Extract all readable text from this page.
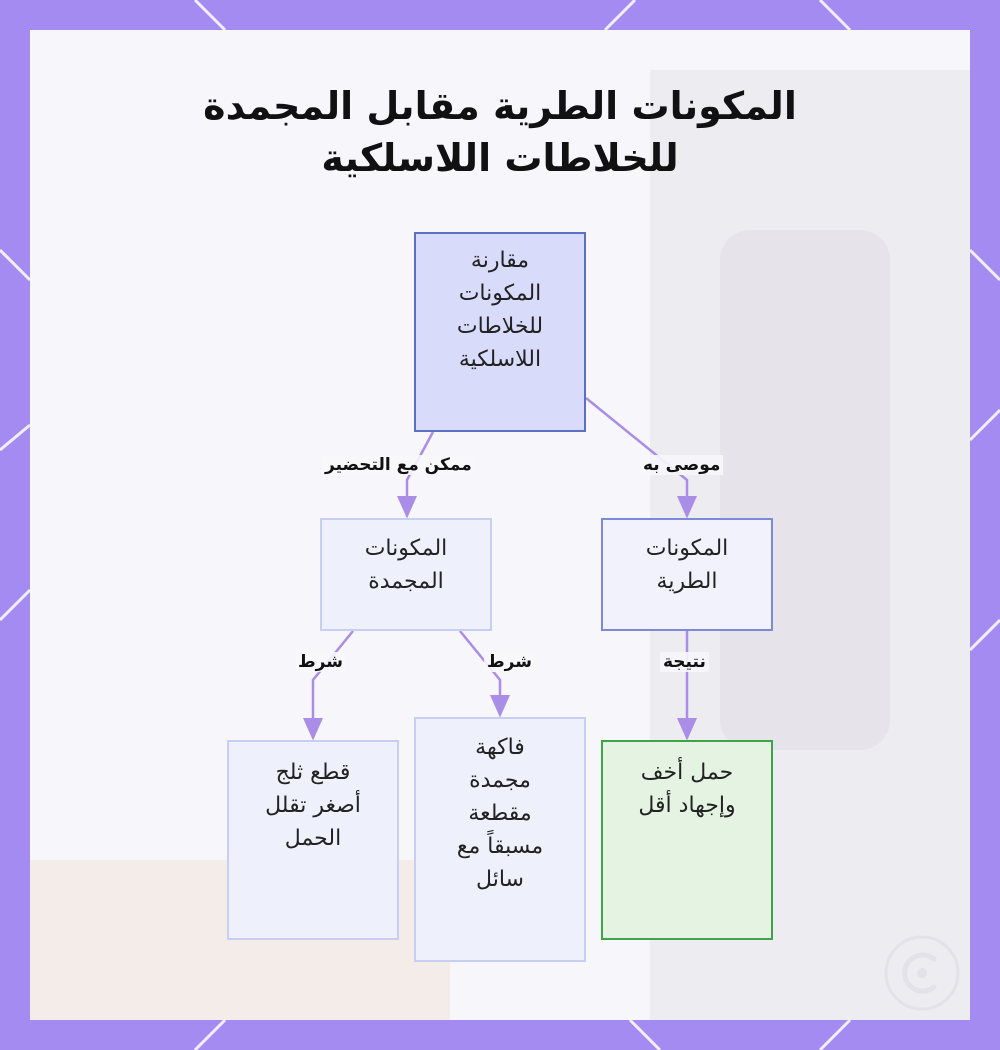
المكونات الطرية مقابل المجمدة
للخلاطات اللاسلكية
مقارنة
المكونات
للخلاطات
اللاسلكية
المكونات
الطرية
المكونات
المجمدة
حمل أخف
وإجهاد أقل
فاكهة
مجمدة
مقطعة
مسبقاً مع
سائل
قطع ثلج
أصغر تقلل
الحمل
موصى به
ممكن مع التحضير
نتيجة
شرط
شرط
